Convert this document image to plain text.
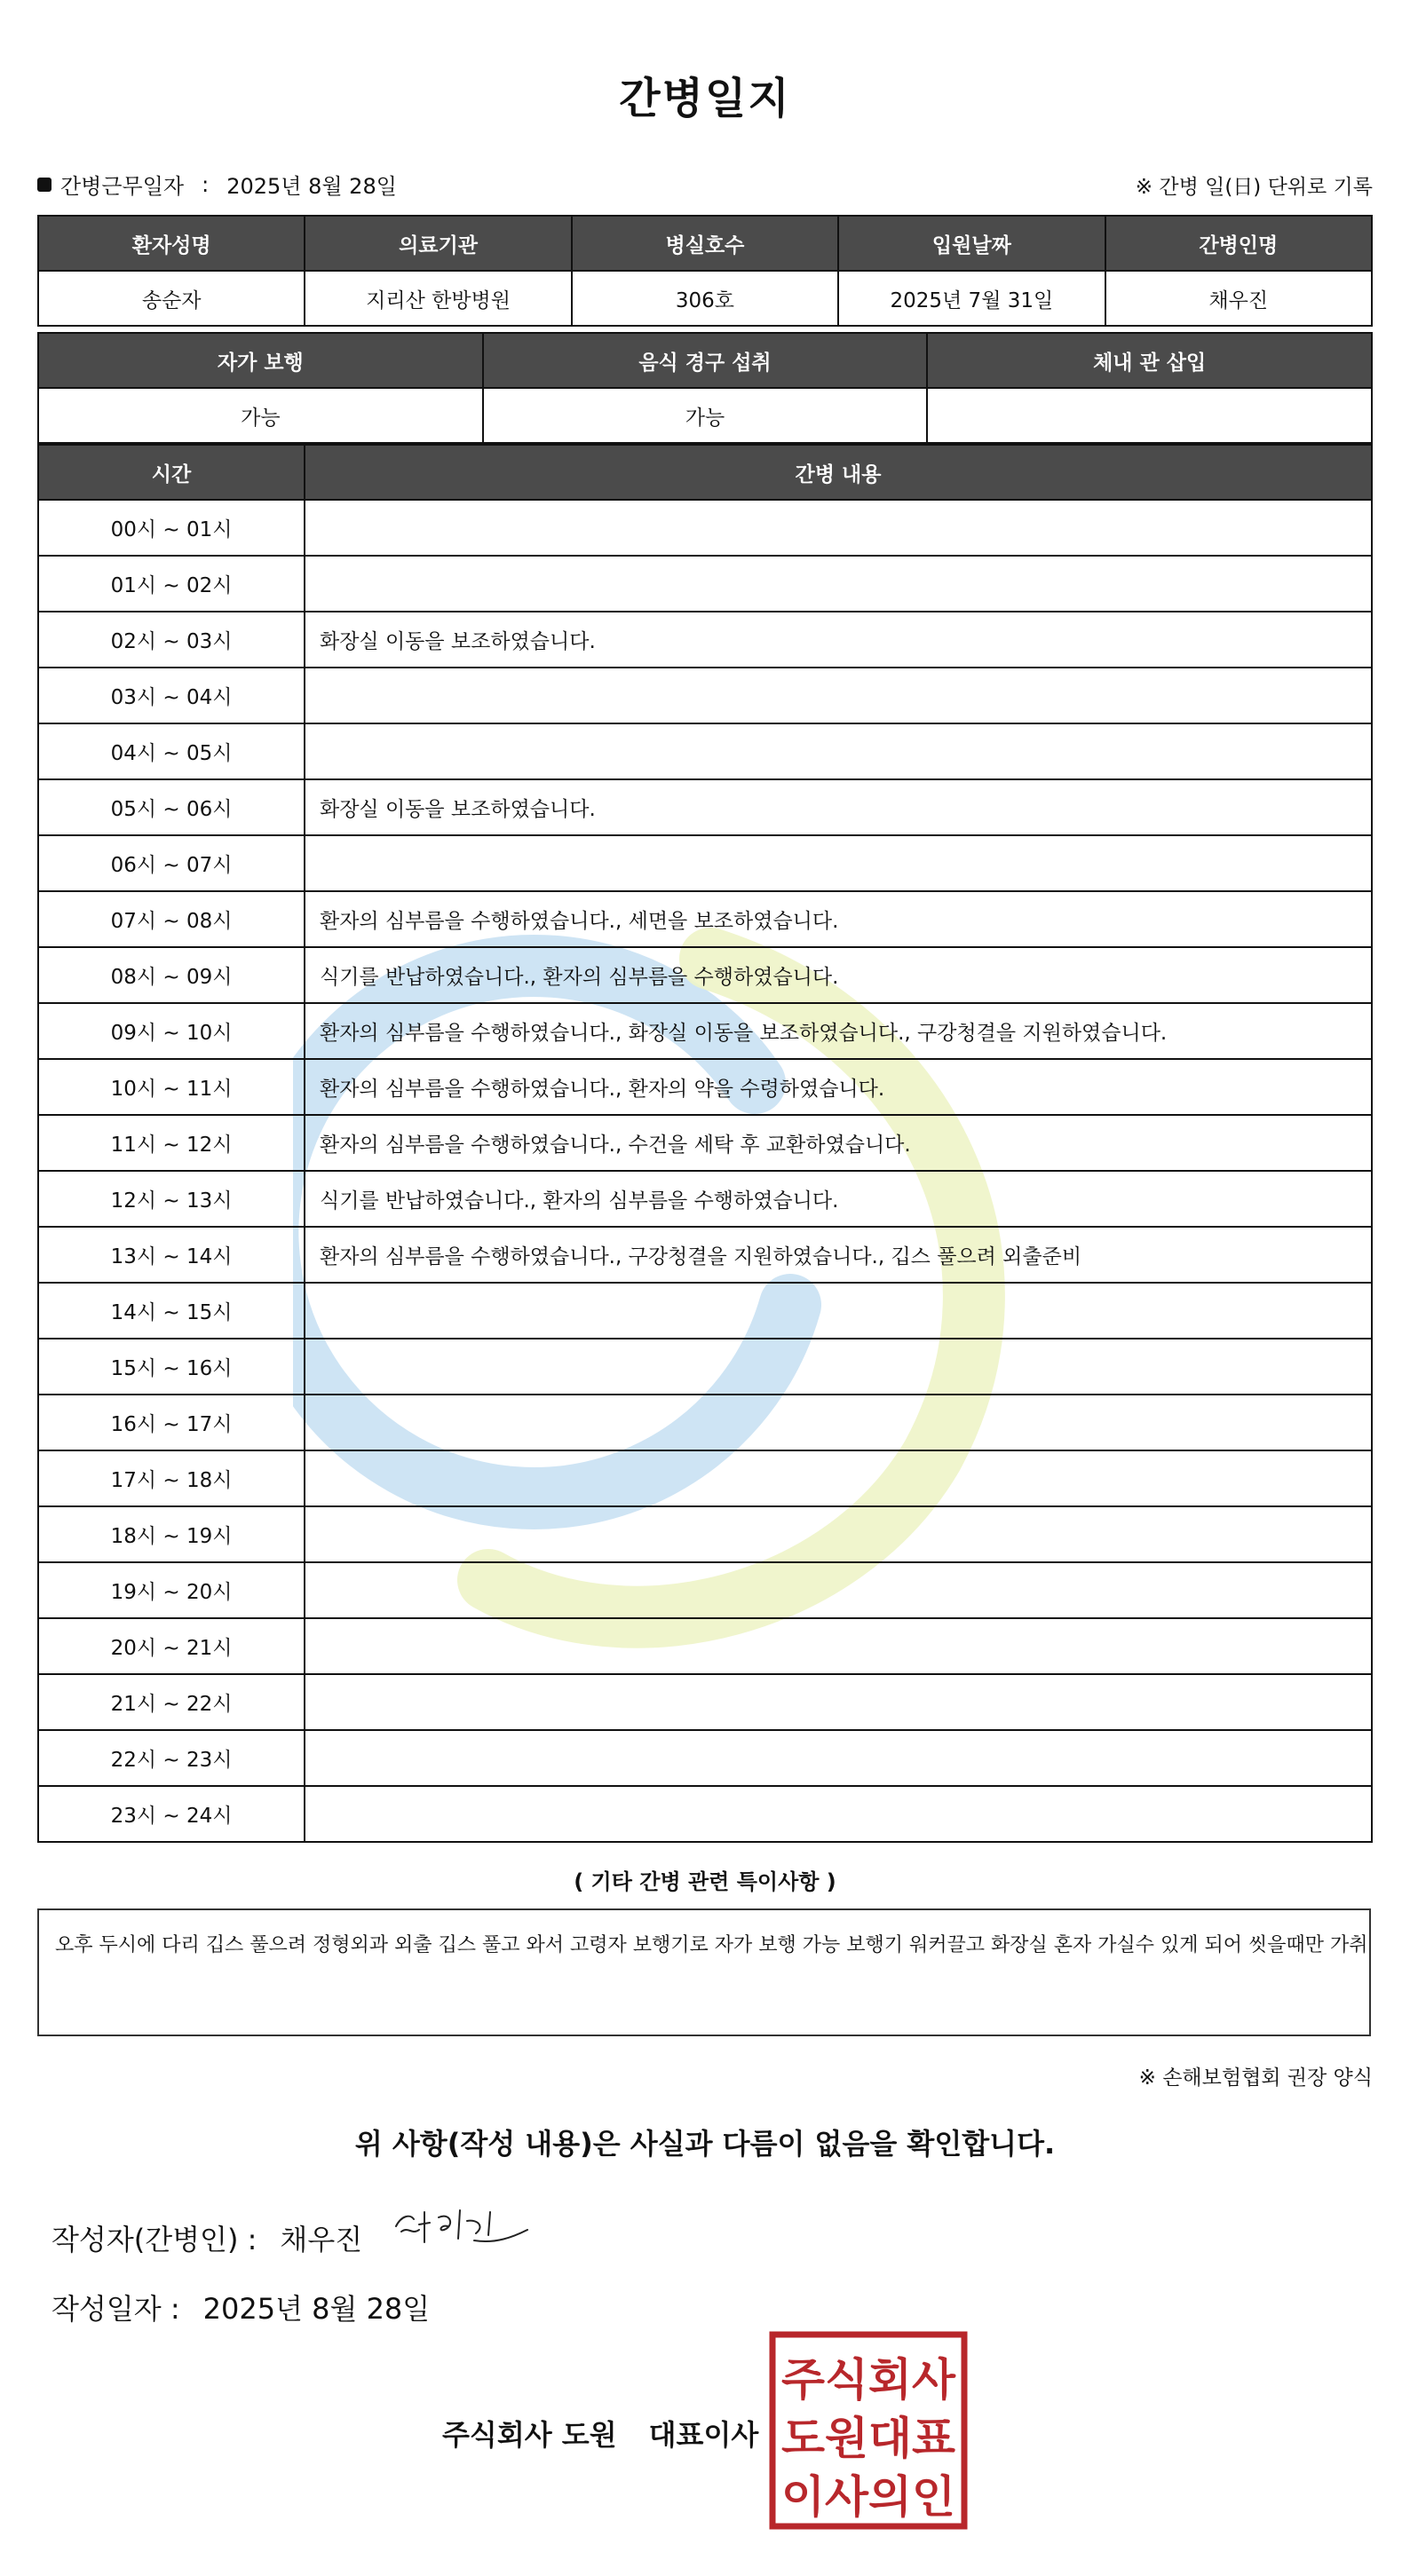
간병일지
간병근무일자 : 2025년 8월 28일	※ 간병 일(日) 단위로 기록
환자성명	의료기관	병실호수	입원날짜	간병인명
송순자	지리산 한방병원	306호	2025년 7월 31일	채우진
자가 보행	음식 경구 섭취	체내 관 삽입
가능	가능	
시간	간병 내용
00시 ~ 01시	
01시 ~ 02시	
02시 ~ 03시	화장실 이동을 보조하였습니다.
03시 ~ 04시	
04시 ~ 05시	
05시 ~ 06시	화장실 이동을 보조하였습니다.
06시 ~ 07시	
07시 ~ 08시	환자의 심부름을 수행하였습니다., 세면을 보조하였습니다.
08시 ~ 09시	식기를 반납하였습니다., 환자의 심부름을 수행하였습니다.
09시 ~ 10시	환자의 심부름을 수행하였습니다., 화장실 이동을 보조하였습니다., 구강청결을 지원하였습니다.
10시 ~ 11시	환자의 심부름을 수행하였습니다., 환자의 약을 수령하였습니다.
11시 ~ 12시	환자의 심부름을 수행하였습니다., 수건을 세탁 후 교환하였습니다.
12시 ~ 13시	식기를 반납하였습니다., 환자의 심부름을 수행하였습니다.
13시 ~ 14시	환자의 심부름을 수행하였습니다., 구강청결을 지원하였습니다., 깁스 풀으려 외출준비
14시 ~ 15시	
15시 ~ 16시	
16시 ~ 17시	
17시 ~ 18시	
18시 ~ 19시	
19시 ~ 20시	
20시 ~ 21시	
21시 ~ 22시	
22시 ~ 23시	
23시 ~ 24시	
( 기타 간병 관련 특이사항 )
오후 두시에 다리 깁스 풀으려 정형외과 외출 깁스 풀고 와서 고령자 보행기로 자가 보행 가능 보행기 워커끌고 화장실 혼자 가실수 있게 되어 씻을때만 가취
※ 손해보험협회 권장 양식
위 사항(작성 내용)은 사실과 다름이 없음을 확인합니다.
작성자(간병인) : 채우진
작성일자 : 2025년 8월 28일
주식회사 도원 대표이사
주식회사
도원대표
이사의인
